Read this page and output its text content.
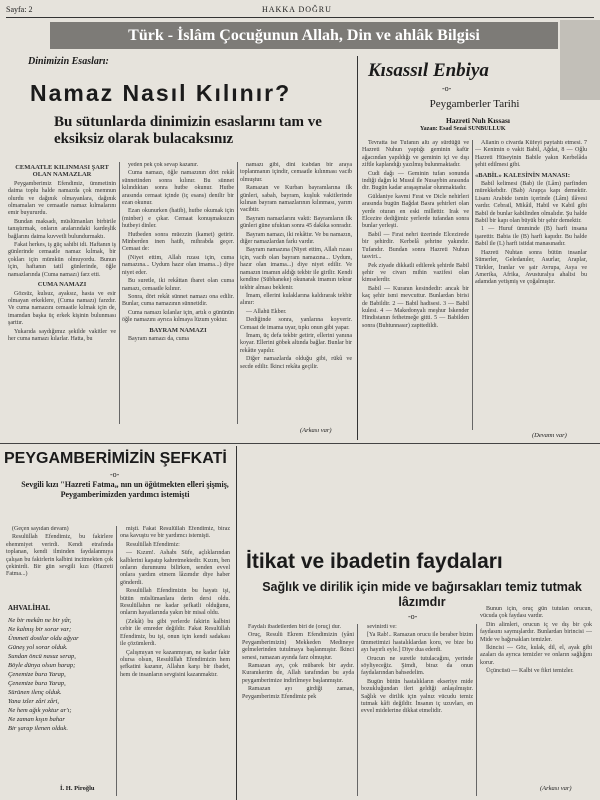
Sayfa: 2	HAKKA DOĞRU
Türk - İslâm Çocuğunun Allah, Din ve ahlâk Bilgisi
Dinimizin Esasları:
Namaz Nasıl Kılınır?
Bu sütunlarda dinimizin esaslarını tam ve eksiksiz olarak bulacaksınız
CEMAATLE KILINMASI ŞART OLAN NAMAZLAR

Peygamberimiz Efendimiz, ümmetinin daima toplu halde namazda çok memnun olurdu ve dağınık olmayanlara, dağınık olmamaları ve cemaatle namaz kılmalarını emir buyururdu.

Bundan maksadı, müslümanları birbirile tanıştırmak, onların aralarındaki kardeşlik bağlarını daima kuvvetli bulundurmaktı.

Fakat herkes, iş güç sahibi idi. Haftanın iş günlerinde cemaatle namaz kılmak, bir çokları için mümkün olmuyordu. Bunun için, haftanın tatil günlerinde, öğle namazlarında (Cuma namazı) farz etti.

CUMA NAMAZI

Gözsüz, kulsuz, ayaksız, hasta ve esir olmayan erkeklere, (Cuma namazı) farzdır. Ve cuma namazını cemaatle kılmak için de, imamdan başka üç erkek kişinin bulunması şarttır.

Yukarıda saydığımız şekilde vakitler ve her cuma namazı kılarlar. Hatta, bu

yeden pek çok sevap kazanır.

Cuma namazı, öğle namazının dört rekât sünnetinden sonra kılınır. Bu sünnet kılındıktan sonra hutbe okunur. Hutbe arasında cemaat içinde (iç esans) denilir bir ezan okunur.

Ezan okunurken (hatib), hutbe okumak için (minber) e çıkar. Cemaat konuşmaksızın hutbeyi dinler.

Hutbeden sonra müezzin (kamet) getirir. Minberden inen hatib, mihrabda geçer. Cemaat de:

(Niyet ettim, Allah rızası için, cuma namazına... Uydum hazır olan imama...) diye niyet eder.

Bu suretle, iki rekâttan ibaret olan cuma namazı, cemaatle kılınır.

Sonra, dört rekât sünnet namazı ona edilir. Bunlar, cuma namazının sünnetidir.

Cuma namazı kılanlar için, artık o gününün öğle namazını ayrıca kılmaya lüzum yoktur.

BAYRAM NAMAZI

Bayram namazı da, cuma

namazı gibi, dini icabdan bir araya toplanmanın içindir, cemaatle kılınması vacib olmuştur.

Ramazan ve Kurban bayramlarına ilk günleri, sabah, bayram, kuşluk vakitlerinde kılınan bayram namazlarının kılınması, yarım vacibtir.

Bayram namazlarını vakti: Bayramların ilk günleri güne ufuktan sonra 45 dakika sonradır.

Bayram namazı, iki rekâttır. Ve bu namazın, diğer namazlardan farkı vardır.

Bayram namazına (Niyet ettim, Allah rızası için, vacib olan bayram namazına... Uydum, hazır olan imama...) diye niyet edilir. Ve namazın imamın aldığı tekbir ile girilir. Kendi kendine (Sübhaneke) okunarak imamın tekrar tekbir alması beklenir.

İmam, ellerini kulaklarına kaldırarak tekbir alınır:

— Allahü Ekber.

Dediğinde sonra, yanlarına koyverir. Cemaat de imama uyar, tıpkı onun gibi yapar.

İmam, üç defa tekbir getirir, ellerini yanına koyar. Ellerini göbek altında bağlar. Bunlar bir rekâtte yapılır.

Diğer namazlarda olduğu gibi, rükû ve secde edilir. İkinci rekâta geçilir.

(Arkası var)
Kısassıl Enbiya
-o-
Peygamberler Tarihi
Hazreti Nuh Kıssası
Yazan: Esad Sezai SUNBULLUK

Tevratta ise Tufanın altı ay sürdüğü ve Hazreti Nuhun yaptığı geminin kafür ağacından yapıldığı ve geminin içi ve dışı ziftle kaplandığı yazılmış bulunmaktadır.

Cudi dağı — Geminin tufan sonunda indiği dağın ki Musul ile Nusaybin arasında dir. Bugün kadar araşaşmalar olunmaktadır.

Güldaniye kavmi Fırat ve Dicle nehirleri arasında bugün Bağdat Basra şehirleri olan yerde oturan en eski millettir. Irak ve Elcezire dediğimiz yerlerde tufandan sonra bunlar yerleşti.

Babil — Fırat nehri üzerinde Elcezirede bir şehirdir. Kerbelâ şehrine yakındır. Tufandır. Bundan sonra Hazreti Nuhun tasviri...

Pek ziyade dikkatli edilerek şehirde Babil şehir ve civarı mihin vazifesi olan kimselerdir.

Babil — Kuranın kesindedir: ancak bir kaç şehir ismi mevcuttur. Bunlardan birisi de Babildir. 2 — Babil hadisesi. 3 — Babil kulesi. 4 — Makedonyalı meşhur İskender Hindistanın fethetmeğe gitti. 5 — Babilden sonra (Buhtunnasır) zapttedildi.

Allanin o civarda Küfeyi paytahtı etmesi. 7 — Kenimin o vakit Babil, Ağdat, 8 — Oğlu Hazreti Hüseyinin Babile yakın Kerbelâda şehit edilmesi gibi.

«BABİL» KALESİNİN MANASI:

Babil kelimesi (Bab) ile (Lâm) parfinden mürekkebdir. (Bab) Arapça kapı demektir. Lisanı Arabide ismin içerinde (Lâm) ilâvesi vardır. Cebrail, Mikâil, Habil ve Kabil gibi Babil de bunlar kabilinden olmalıdır. Şu halde Babil bir kapı olan büyük bir şehir demektir.

1 — Huruf ümminde (B) harfi insana işarettir. Babia ile (B) harfi kapıdır. Bu halde Babil ile (L) harfi istidat manasınadır.

Hazreti Nuhtan sonra bütün insanlar Sümerler, Geledanıler, Asurlar, Araplar, Türkler, İranlar ve şair Avrupa, Asya ve Amerika, Afrika, Avusturalya ahalisi bu adamdan yetişmiş ve çoğalmıştır.

(Devamı var)
PEYGAMBERİMİZİN ŞEFKATİ
-o-
Sevgili kızı "Hazreti Fatma„ nın un öğütmekten elleri şişmiş, Peygamberimizden yardımcı istemişti

(Geçen sayıdan devam)

Resulüllah Efendimiz, bu fakirlere ehemmiyet verirdi. Kendi etrafında toplanan, kendi ilminden faydalanmıya çalışan bu fakirlerin kalbini incitmekten çok çekinirdi. Bir gün sevgili kızı (Hazreti Fatma...)

mişti. Fakat Resulüllah Efendimiz, biraz ona kavuştu ve bir yardımcı istemişti.

Resulüllah Efendimiz:

— Kızım!. Ashabı Süfe, açlıklarından kalblerini kapatıp kahretmektedir. Kızım, ben onların durumunu bilirken, senden evvel onlara yardım etmem lâzımdır diye haber gönderdi.

Resulüllah Efendimizin bu hayatı işi, bütün müslümanlara derin dersi oldu. Resulüllahın ne kadar şefkatli olduğunu, onların hayatlarında yakın bir misal oldu.

(Zekât) bu gibi yerlerde fakirin kalbini cebir ile emreder değildir. Fakat Resulüllah Efendimiz, bu işi, onun için kendi sadakası ile çözümlerdi.

Çalışmıyan ve kazanmıyan, ne kadar fakir olursa olsun, Resulüllah Efendimizin hem şefkatini kazanır, Allahın karşı bir ibadet, hem de insanların sevgisini kazanmaktır.

AHVALİHAL
Ne bir mekân ne bir yâr,
Ne kalmış bir sorar var;
Ümmeti dostlar oldu ağyar
Güneş yol sorar olduk.
Sundan öncü nasuz serap,
Böyle dünya olsun harap;
Çenemize bura Yarap,
Çenemize bura Yarap,
Sürünen ilenç olduk.
Yana izler zâri zâri,
Ne hem ağık yoktur ar'ı;
Ne zaman kışın bahar
Bir şarap ilenen olduk.
İ. H. Piroğlu
İtikat ve ibadetin faydaları
Sağlık ve dirilik için mide ve bağırsakları temiz tutmak lâzımdır
-o-

Faydalı ibadetlerden biri de (oruç) dur.

Oruç, Resulü Ekrem Efendimizin (yâni Peygamberimizin) Mekkeden Medineye gelmelerinden tutulmaya başlanmıştır. İkinci senesi, ramazan ayında farz olmuştur.

Ramazan ayı, çok mübarek bir aydır. Kuranıkerim de, Allah tarafından bu ayda peygamberimize indirilmeye başlanmıştır.

Ramazan ayı girdiği zaman, Peygamberimiz Efendimiz pek

sevinirdi ve:

[Ya Rab!.. Ramazan orucu ile beraber bizim ümmetimizi hastalıklardan koru, ve bize bu ayı hayırlı eyle.] Diye dua ederdi.

Orucun ne suretle tutulacağını, yerinde söyliyeceğiz. Şimdi, biraz da onun faydalarından bahsedelim.

Bugün bütün hastalıkların ekseriye mide bozukluğundan ileri geldiği anlaşılmıştır. Sağlık ve dirilik için yalnız vücudu temiz tutmak kâfi değildir. İnsanın iç uzuvları, en evvel midelerine dikkat etmelidir.

Bunun için, oruç gün tutulan orucun, vücuda çok faydası vardır.

Din alimleri, orucun iç ve dış bir çok faydasını saymışlardır. Bunlardan birincisi — Mide ve bağırsakları temizler.

İkincisi — Göz, kulak, dil, el, ayak gibi azaları da ayrıca temizler ve onların sağlığını korur.

Üçüncüsü — Kalbi ve fikri temizler.

(Arkası var)
